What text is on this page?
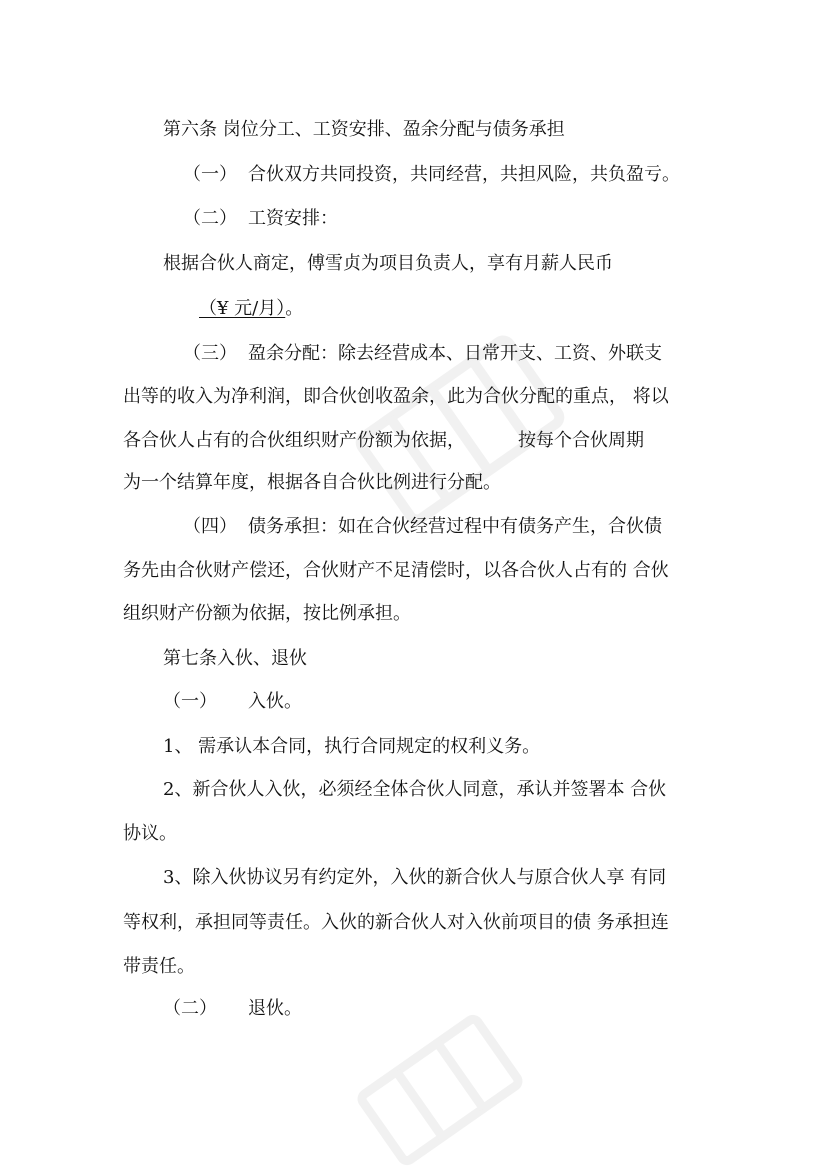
第六条 岗位分工、工资安排、盈余分配与债务承担
（一） 合伙双方共同投资，共同经营，共担风险，共负盈亏。
（二） 工资安排：
根据合伙人商定，傅雪贞为项目负责人，享有月薪人民币
（¥ 元/月）。
（三） 盈余分配：除去经营成本、日常开支、工资、外联支
出等的收入为净利润，即合伙创收盈余，此为合伙分配的重点， 将以
各合伙人占有的合伙组织财产份额为依据，	按每个合伙周期
为一个结算年度，根据各自合伙比例进行分配。
（四） 债务承担：如在合伙经营过程中有债务产生，合伙债
务先由合伙财产偿还，合伙财产不足清偿时，以各合伙人占有的 合伙
组织财产份额为依据，按比例承担。
第七条入伙、退伙
（一） 入伙。
1、 需承认本合同，执行合同规定的权利义务。
2、新合伙人入伙，必须经全体合伙人同意，承认并签署本 合伙
协议。
3、除入伙协议另有约定外，入伙的新合伙人与原合伙人享 有同
等权利，承担同等责任。入伙的新合伙人对入伙前项目的债 务承担连
带责任。
（二） 退伙。
